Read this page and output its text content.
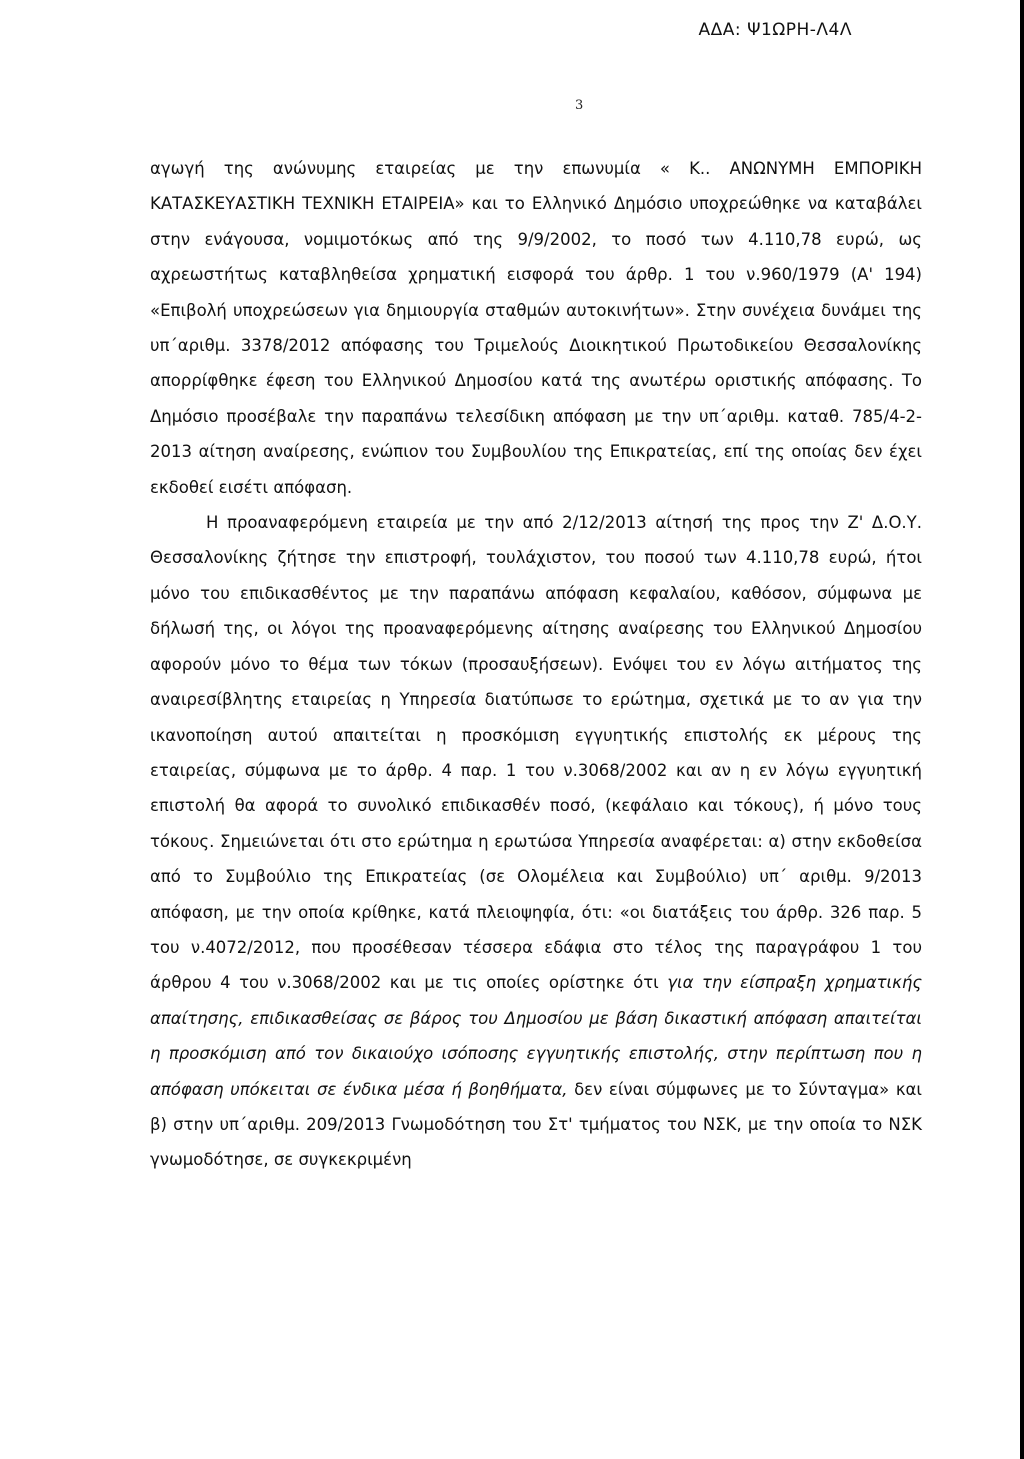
ΑΔΑ: Ψ1ΩΡΗ-Λ4Λ
3

αγωγή της ανώνυμης εταιρείας με την επωνυμία « Κ.. ΑΝΩΝΥΜΗ ΕΜΠΟΡΙΚΗ ΚΑΤΑΣΚΕΥΑΣΤΙΚΗ ΤΕΧΝΙΚΗ ΕΤΑΙΡΕΙΑ» και το Ελληνικό Δημόσιο υποχρεώθηκε να καταβάλει στην ενάγουσα, νομιμοτόκως από της 9/9/2002, το ποσό των 4.110,78 ευρώ, ως αχρεωστήτως καταβληθείσα χρηματική εισφορά του άρθρ. 1 του ν.960/1979 (Α' 194) «Επιβολή υποχρεώσεων για δημιουργία σταθμών αυτοκινήτων». Στην συνέχεια δυνάμει της υπ΄αριθμ. 3378/2012 απόφασης του Τριμελούς Διοικητικού Πρωτοδικείου Θεσσαλονίκης απορρίφθηκε έφεση του Ελληνικού Δημοσίου κατά της ανωτέρω οριστικής απόφασης. Το Δημόσιο προσέβαλε την παραπάνω τελεσίδικη απόφαση με την υπ΄αριθμ. καταθ. 785/4-2-2013 αίτηση αναίρεσης, ενώπιον του Συμβουλίου της Επικρατείας, επί της οποίας δεν έχει εκδοθεί εισέτι απόφαση.

Η προαναφερόμενη εταιρεία με την από 2/12/2013 αίτησή της προς την Ζ' Δ.Ο.Υ. Θεσσαλονίκης ζήτησε την επιστροφή, τουλάχιστον, του ποσού των 4.110,78 ευρώ, ήτοι μόνο του επιδικασθέντος με την παραπάνω απόφαση κεφαλαίου, καθόσον, σύμφωνα με δήλωσή της, οι λόγοι της προαναφερόμενης αίτησης αναίρεσης του Ελληνικού Δημοσίου αφορούν μόνο το θέμα των τόκων (προσαυξήσεων). Ενόψει του εν λόγω αιτήματος της αναιρεσίβλητης εταιρείας η Υπηρεσία διατύπωσε το ερώτημα, σχετικά με το αν για την ικανοποίηση αυτού απαιτείται η προσκόμιση εγγυητικής επιστολής εκ μέρους της εταιρείας, σύμφωνα με το άρθρ. 4 παρ. 1 του ν.3068/2002 και αν η εν λόγω εγγυητική επιστολή θα αφορά το συνολικό επιδικασθέν ποσό, (κεφάλαιο και τόκους), ή μόνο τους τόκους. Σημειώνεται ότι στο ερώτημα η ερωτώσα Υπηρεσία αναφέρεται: α) στην εκδοθείσα από το Συμβούλιο της Επικρατείας (σε Ολομέλεια και Συμβούλιο) υπ΄ αριθμ. 9/2013 απόφαση, με την οποία κρίθηκε, κατά πλειοψηφία, ότι: «οι διατάξεις του άρθρ. 326 παρ. 5 του ν.4072/2012, που προσέθεσαν τέσσερα εδάφια στο τέλος της παραγράφου 1 του άρθρου 4 του ν.3068/2002 και με τις οποίες ορίστηκε ότι για την είσπραξη χρηματικής απαίτησης, επιδικασθείσας σε βάρος του Δημοσίου με βάση δικαστική απόφαση απαιτείται η προσκόμιση από τον δικαιούχο ισόποσης εγγυητικής επιστολής, στην περίπτωση που η απόφαση υπόκειται σε ένδικα μέσα ή βοηθήματα, δεν είναι σύμφωνες με το Σύνταγμα» και β) στην υπ΄αριθμ. 209/2013 Γνωμοδότηση του Στ' τμήματος του ΝΣΚ, με την οποία το ΝΣΚ γνωμοδότησε, σε συγκεκριμένη
